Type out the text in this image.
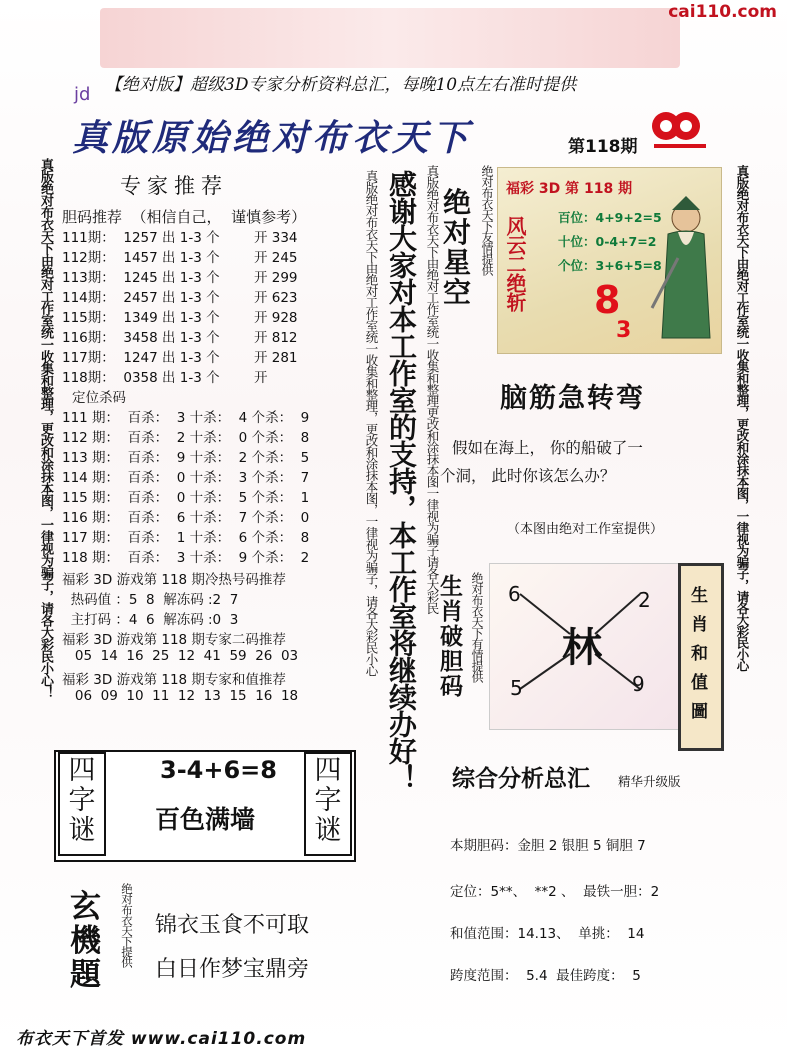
cai110.com
【绝对版】超级3D专家分析资料总汇，每晚10点左右准时提供
jd
真版原始绝对布衣天下	第118期
真版绝对布衣天下由绝对工作室统一收集和整理，更改和涂抹本图，一律视为骗子，请各大彩民小心！	专家推荐
胆码推荐  （相信自己，  谨慎参考）
111期：  1257 出 1-3 个        开 334
112期：  1457 出 1-3 个        开 245
113期：  1245 出 1-3 个        开 299
114期：  2457 出 1-3 个        开 623
115期：  1349 出 1-3 个        开 928
116期：  3458 出 1-3 个        开 812
117期：  1247 出 1-3 个        开 281
118期：  0358 出 1-3 个        开
定位杀码
111 期：  百杀：  3 十杀：  4 个杀：  9
112 期：  百杀：  2 十杀：  0 个杀：  8
113 期：  百杀：  9 十杀：  2 个杀：  5
114 期：  百杀：  0 十杀：  3 个杀：  7
115 期：  百杀：  0 十杀：  5 个杀：  1
116 期：  百杀：  6 十杀：  7 个杀：  0
117 期：  百杀：  1 十杀：  6 个杀：  8
118 期：  百杀：  3 十杀：  9 个杀：  2
福彩 3D 游戏第 118 期冷热号码推荐
热码值 ：5  8  解冻码 :2  7
主打码 ：4  6  解冻码 :0  3
福彩 3D 游戏第 118 期专家二码推荐
05  14  16  25  12  41  59  26  03
福彩 3D 游戏第 118 期专家和值推荐
06  09  10  11  12  13  15  16  18
真版绝对布衣天下由绝对工作室统一收集和整理，更改和涂抹本图，一律视为骗子，请各大彩民小心
四字谜
四字谜
3-4+6=8
百色满墙
玄機題
绝对布衣天下提供 锦衣玉食不可取
白日作梦宝鼎旁
感谢大家对本工作室的支持，本工作室将继续办好！ 真版绝对布衣天下由绝对工作室统一收集和整理更改和涂抹本图一律视为骗子请各大彩民 绝对星空
绝对布衣天下友情提供 福彩 3D 第 118 期
风云二绝斩 百位：4+9+2=5
十位：0-4+7=2
个位：3+6+5=8
8
3	真版绝对布衣天下由绝对工作室统一收集和整理，更改和涂抹本图，一律视为骗子，请各大彩民小心
脑筋急转弯
假如在海上， 你的船破了一
个洞， 此时你该怎么办？
（本图由绝对工作室提供）
生肖破胆码
绝对布衣天下有情提供 6	2
5	9
林
生肖和值圖
综合分析总汇 精华升级版
本期胆码：金胆 2 银胆 5 铜胆 7
定位：5**、  **2 、  最铁一胆：2
和值范围：14.13、  单挑：  14
跨度范围：  5.4  最佳跨度：  5
布衣天下首发 www.cai110.com
